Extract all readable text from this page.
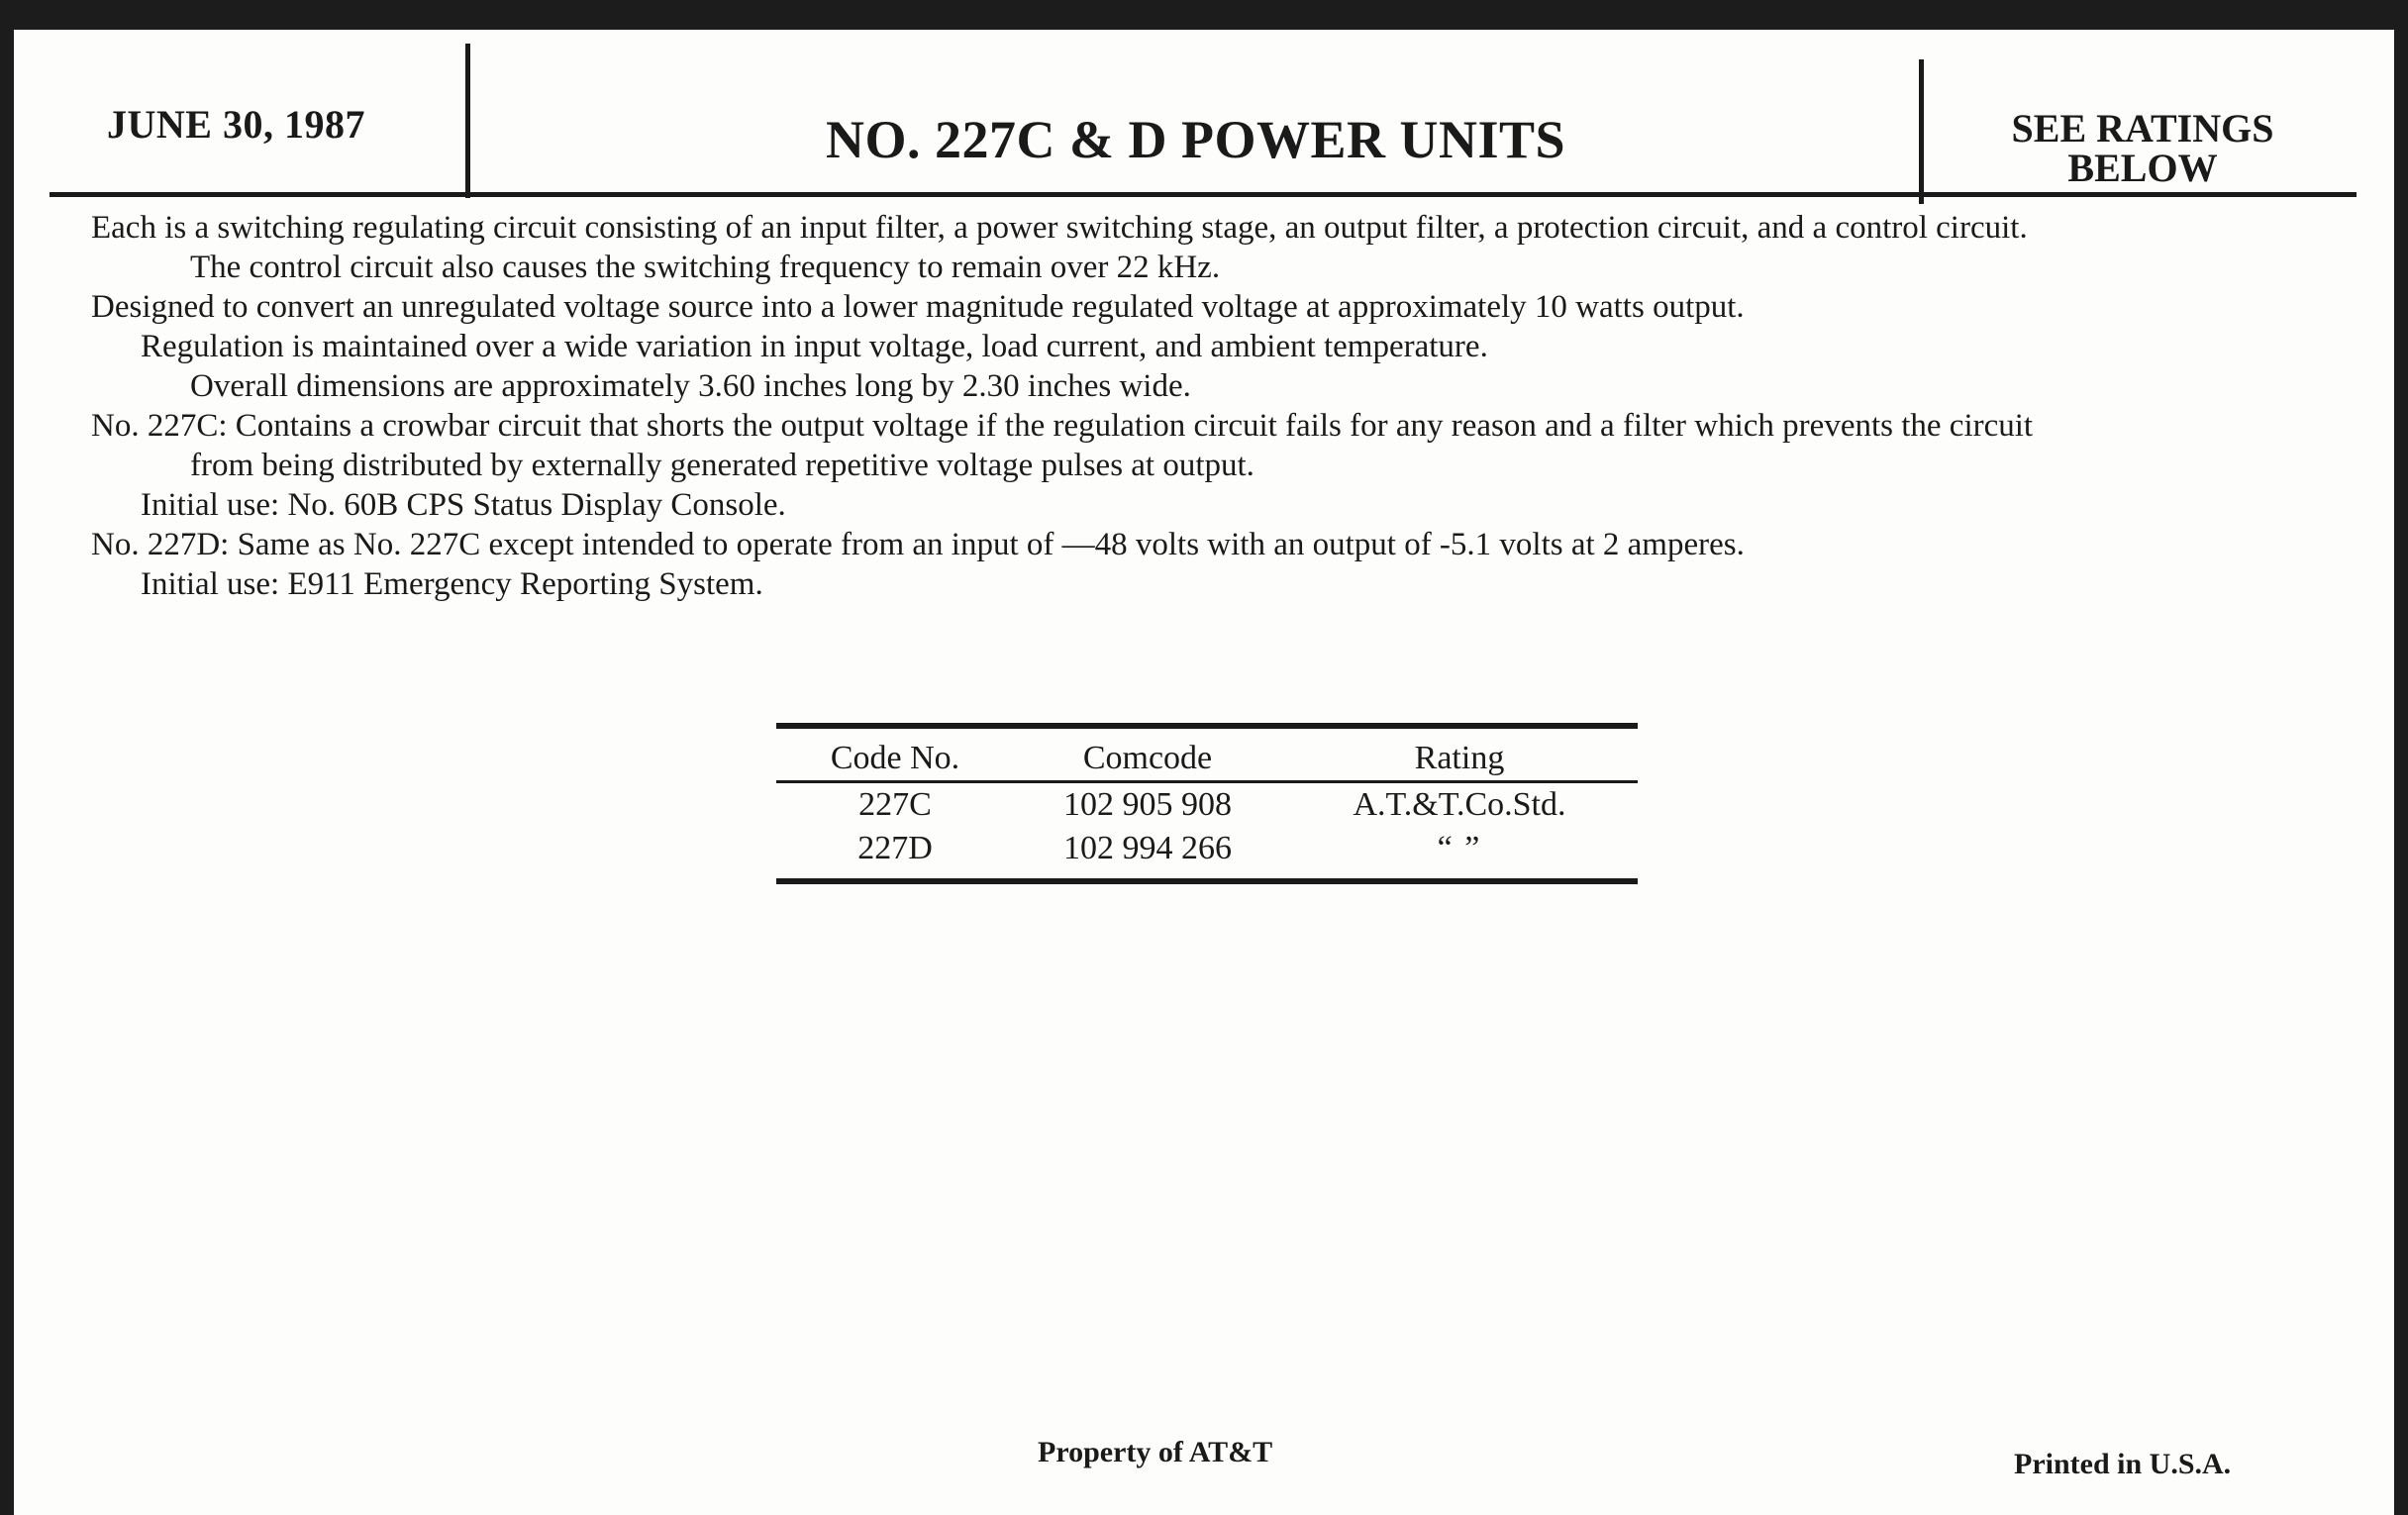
JUNE 30, 1987	NO. 227C & D POWER UNITS	SEE RATINGS
BELOW

Each is a switching regulating circuit consisting of an input filter, a power switching stage, an output filter, a protection circuit, and a control circuit.

The control circuit also causes the switching frequency to remain over 22 kHz.

Designed to convert an unregulated voltage source into a lower magnitude regulated voltage at approximately 10 watts output.

Regulation is maintained over a wide variation in input voltage, load current, and ambient temperature.

Overall dimensions are approximately 3.60 inches long by 2.30 inches wide.

No. 227C: Contains a crowbar circuit that shorts the output voltage if the regulation circuit fails for any reason and a filter which prevents the circuit

from being distributed by externally generated repetitive voltage pulses at output.

Initial use: No. 60B CPS Status Display Console.

No. 227D: Same as No. 227C except intended to operate from an input of —48 volts with an output of -5.1 volts at 2 amperes.

Initial use: E911 Emergency Reporting System.

Code No.	Comcode	Rating
227C	102 905 908	A.T.&T.Co.Std.
227D	102 994 266	“ ”
Property of AT&T	Printed in U.S.A.
